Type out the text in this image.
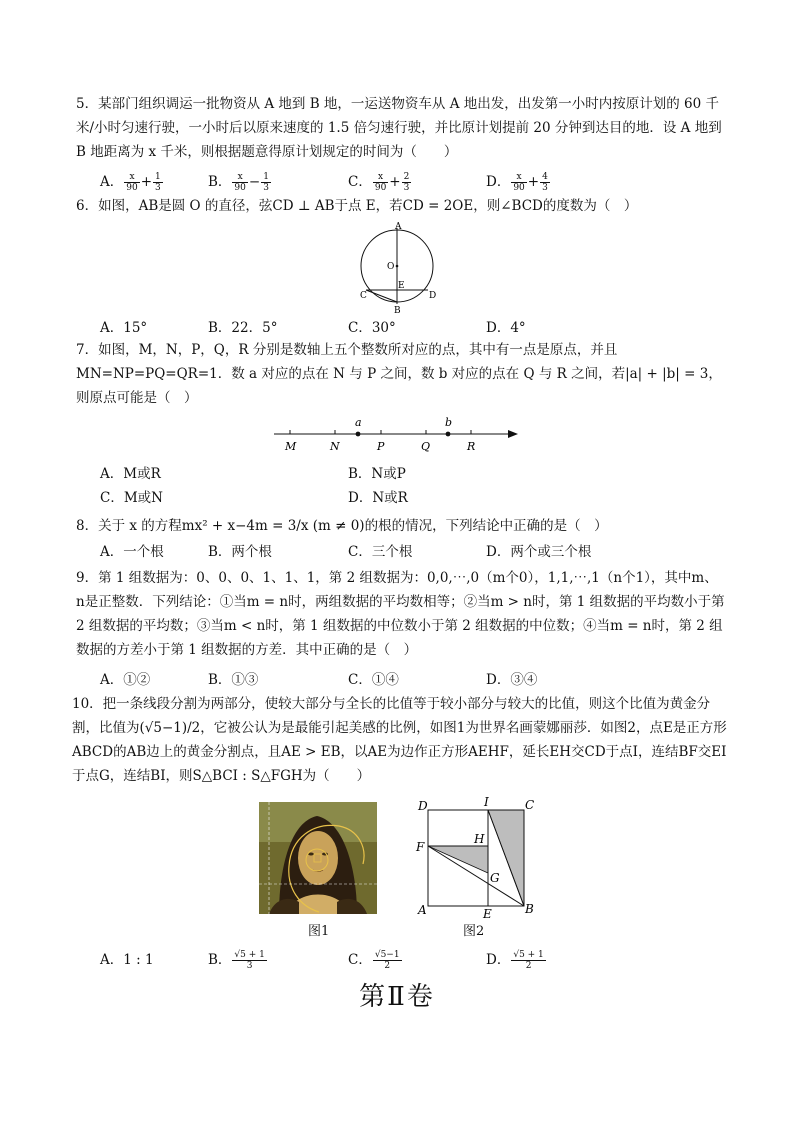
5．某部门组织调运一批物资从 A 地到 B 地，一运送物资车从 A 地出发，出发第一小时内按原计划的 60 千米/小时匀速行驶，一小时后以原来速度的 1.5 倍匀速行驶，并比原计划提前 20 分钟到达目的地．设 A 地到 B 地距离为 x 千米，则根据题意得原计划规定的时间为（　　）
A． $\frac{x}{90} + \frac{1}{3}$	B． $\frac{x}{90} - \frac{1}{3}$	C． $\frac{x}{90} + \frac{2}{3}$	D． $\frac{x}{90} + \frac{4}{3}$
6．如图，AB是圆 O 的直径，弦CD ⊥ AB于点 E，若CD = 2OE，则∠BCD的度数为（　）
A
O
C
E
D
B
A．15°	B．22．5°	C．30°	D．4°
7．如图，M，N，P，Q，R 分别是数轴上五个整数所对应的点，其中有一点是原点，并且 MN=NP=PQ=QR=1．数 a 对应的点在 N 与 P 之间，数 b 对应的点在 Q 与 R 之间，若|a| + |b| = 3，则原点可能是（　）
a	b
M	N	P	Q	R
A．M或R	B．N或P
C．M或N	D．N或R
8．关于 x 的方程mx² + x−4m = 3/x (m ≠ 0)的根的情况，下列结论中正确的是（　）
A．一个根	B．两个根	C．三个根	D．两个或三个根
9．第 1 组数据为：0、0、0、1、1、1，第 2 组数据为：0,0,⋯,0（m个0），1,1,⋯,1（n个1），其中m、n是正整数．下列结论：①当m = n时，两组数据的平均数相等；②当m > n时，第 1 组数据的平均数小于第 2 组数据的平均数；③当m < n时，第 1 组数据的中位数小于第 2 组数据的中位数；④当m = n时，第 2 组数据的方差小于第 1 组数据的方差．其中正确的是（　）
A．①②	B．①③	C．①④	D．③④
10．把一条线段分割为两部分，使较大部分与全长的比值等于较小部分与较大的比值，则这个比值为黄金分割，比值为(√5−1)/2，它被公认为是最能引起美感的比例，如图1为世界名画蒙娜丽莎．如图2，点E是正方形ABCD的AB边上的黄金分割点，且AE > EB，以AE为边作正方形AEHF，延长EH交CD于点I，连结BF交EI于点G，连结BI，则S△BCI : S△FGH为（　　）
图1
D	I	C
H
F
G
A	E	B
图2
A．1 : 1	B． $\frac{√5 + 1}{3}$	C． $\frac{√5-1}{2}$	D． $\frac{√5 + 1}{2}$
第Ⅱ卷
